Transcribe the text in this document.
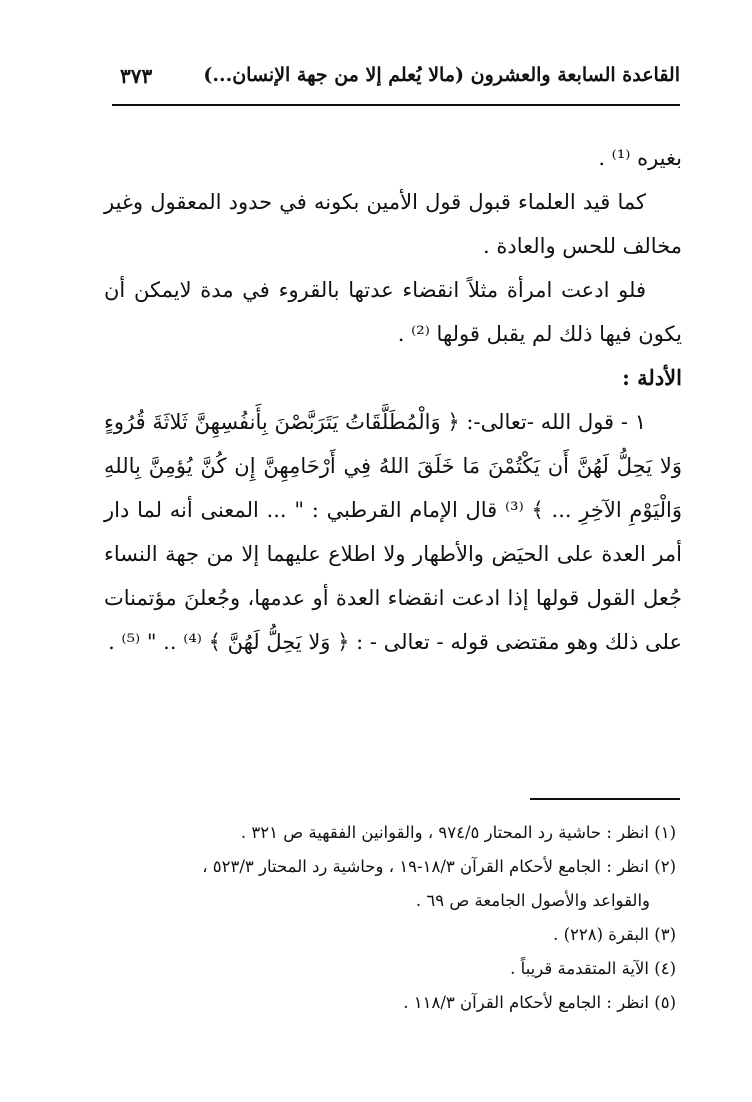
القاعدة السابعة والعشرون (مالا يُعلم إلا من جهة الإنسان...)
٣٧٣

بغيره ⁽¹⁾ .

كما قيد العلماء قبول قول الأمين بكونه في حدود المعقول وغير مخالف للحس والعادة .

فلو ادعت امرأة مثلاً انقضاء عدتها بالقروء في مدة لايمكن أن يكون فيها ذلك لم يقبل قولها ⁽²⁾ .

الأدلة :

١ - قول الله -تعالى-: ﴿ وَالْمُطَلَّقَاتُ يَتَرَبَّصْنَ بِأَنفُسِهِنَّ ثَلاثَةَ قُرُوءٍ وَلا يَحِلُّ لَهُنَّ أَن يَكْتُمْنَ مَا خَلَقَ اللهُ فِي أَرْحَامِهِنَّ إِن كُنَّ يُؤمِنَّ بِاللهِ وَالْيَوْمِ الآخِرِ ... ﴾ ⁽³⁾ قال الإمام القرطبي : " ... المعنى أنه لما دار أمر العدة على الحيَض والأطهار ولا اطلاع عليهما إلا من جهة النساء جُعل القول قولها إذا ادعت انقضاء العدة أو عدمها، وجُعلنَ مؤتمنات على ذلك وهو مقتضى قوله - تعالى - : ﴿ وَلا يَحِلُّ لَهُنَّ ﴾ ⁽⁴⁾ .. " ⁽⁵⁾ .

(١) انظر : حاشية رد المحتار ٩٧٤/٥ ، والقوانين الفقهية ص ٣٢١ .

(٢) انظر : الجامع لأحكام القرآن ١٨/٣-١٩ ، وحاشية رد المحتار ٥٢٣/٣ ،

والقواعد والأصول الجامعة ص ٦٩ .

(٣) البقرة (٢٢٨) .

(٤) الآية المتقدمة قريباً .

(٥) انظر : الجامع لأحكام القرآن ١١٨/٣ .
